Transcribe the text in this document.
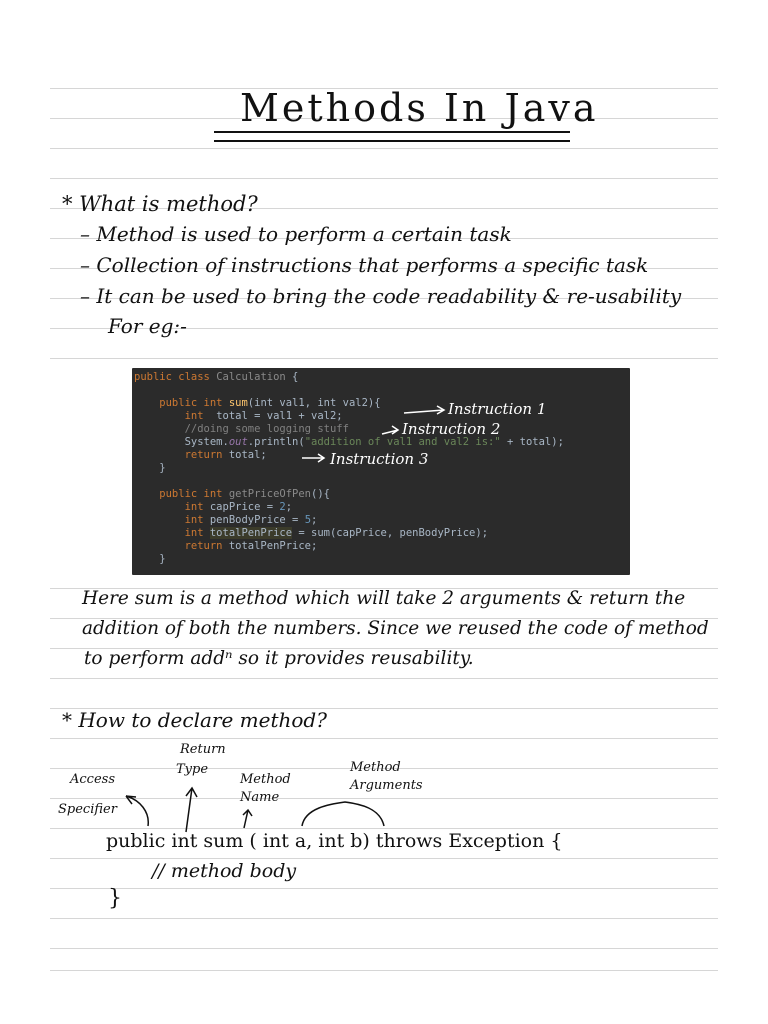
Methods In Java
* What is method?
– Method is used to perform a certain task
– Collection of instructions that performs a specific task
– It can be used to bring the code readability & re-usability
For eg:-
public class Calculation {
public int sum(int val1, int val2){
int  total = val1 + val2;
//doing some logging stuff
System.out.println("addition of val1 and val2 is:" + total);
return total;
}
public int getPriceOfPen(){
int capPrice = 2;
int penBodyPrice = 5;
int totalPenPrice = sum(capPrice, penBodyPrice);
return totalPenPrice;
}
Instruction 1
Instruction 2
Instruction 3
Here sum is a method which will take 2 arguments & return the
addition of both the numbers. Since we reused the code of method
to perform addⁿ so it provides reusability.
* How to declare method?
Return
Type
Access
Specifier
Method
Name
Method
Arguments
public int sum ( int a, int b) throws Exception {
// method body
}
